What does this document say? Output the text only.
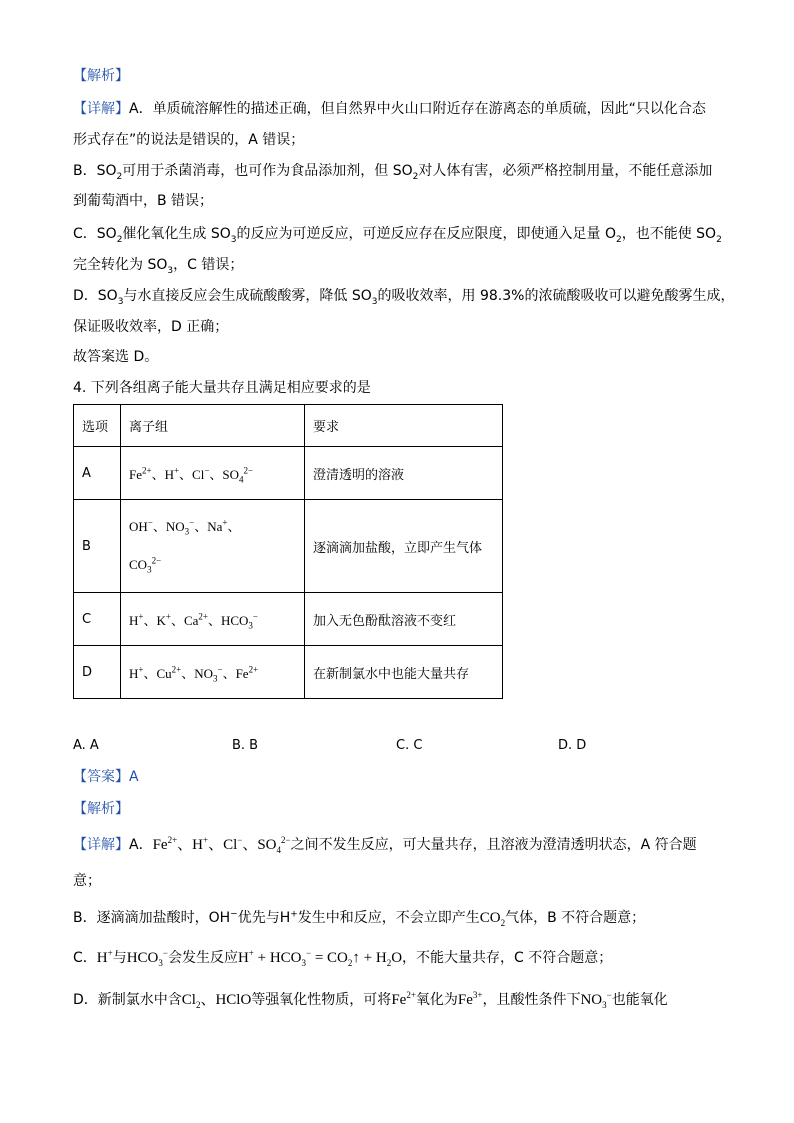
【解析】
【详解】A．单质硫溶解性的描述正确，但自然界中火山口附近存在游离态的单质硫，因此“只以化合态
形式存在”的说法是错误的，A 错误；
B．$SO_2$可用于杀菌消毒，也可作为食品添加剂，但 $SO_2$对人体有害，必须严格控制用量，不能任意添加
到葡萄酒中，B 错误；
C．$SO_2$催化氧化生成 $SO_3$的反应为可逆反应，可逆反应存在反应限度，即使通入足量 $O_2$，也不能使 $SO_2$
完全转化为 $SO_3$，C 错误；
D．$SO_3$与水直接反应会生成硫酸酸雾，降低 $SO_3$的吸收效率，用 98.3%的浓硫酸吸收可以避免酸雾生成，
保证吸收效率，D 正确；
故答案选 D。
4. 下列各组离子能大量共存且满足相应要求的是
选项	离子组	要求
A	$Fe^{2+}$、H+、Cl−、$SO_4^{2-}$	澄清透明的溶液
B	OH−、$NO_3^-$、Na+、
$CO_3^{2-}$	逐滴滴加盐酸，立即产生气体
C	H+、K+、$Ca^{2+}$、$HCO_3^-$	加入无色酚酞溶液不变红
D	H+、$Cu^{2+}$、$NO_3^-$、$Fe^{2+}$	在新制氯水中也能大量共存
A. A	B. B	C. C	D. D
【答案】A
【解析】
【详解】A．$Fe^{2+}$、H+、Cl−、$SO_4^{2-}$之间不发生反应，可大量共存，且溶液为澄清透明状态，A 符合题
意；
B．逐滴滴加盐酸时，OH−优先与H+发生中和反应，不会立即产生$CO_2$气体，B 不符合题意；
C．H+与$HCO_3^-$会发生反应$H^+ + HCO_3^-$ = $CO_2↑ + H_2O$，不能大量共存，C 不符合题意；
D．新制氯水中含$Cl_2$、HClO等强氧化性物质，可将$Fe^{2+}$氧化为$Fe^{3+}$，且酸性条件下$NO_3^-$也能氧化
